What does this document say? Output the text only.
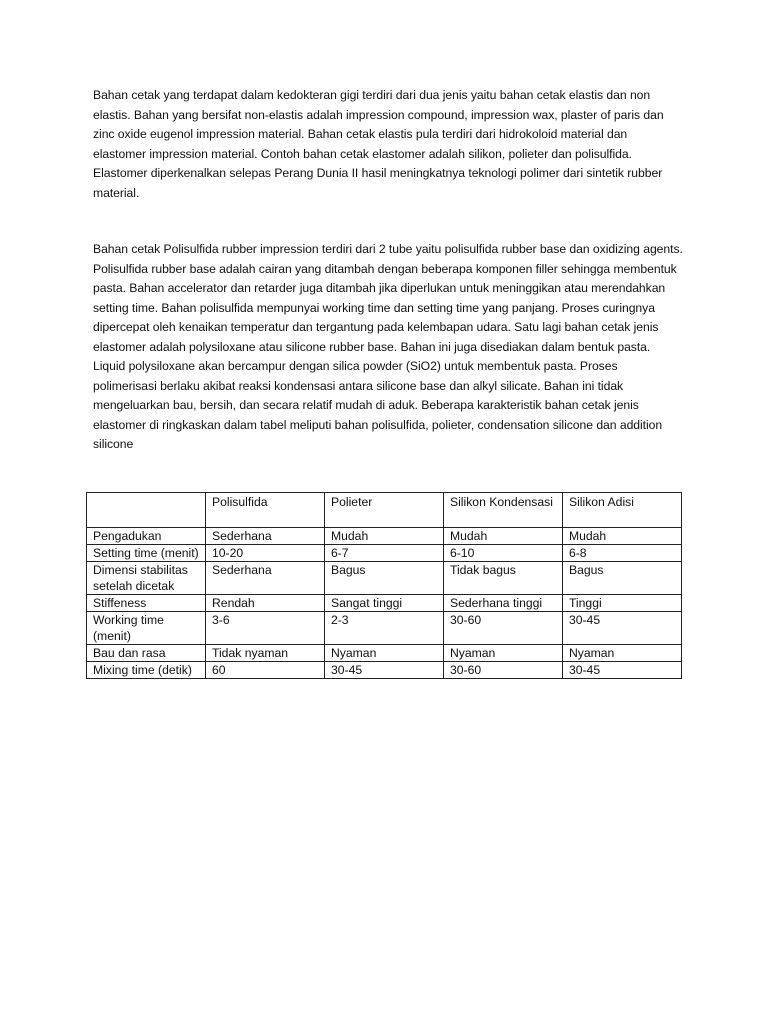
Bahan cetak yang terdapat dalam kedokteran gigi terdiri dari dua jenis yaitu bahan cetak elastis dan non elastis. Bahan yang bersifat non-elastis adalah impression compound, impression wax, plaster of paris dan zinc oxide eugenol impression material. Bahan cetak elastis pula terdiri dari hidrokoloid material dan elastomer impression material. Contoh bahan cetak elastomer adalah silikon, polieter dan polisulfida. Elastomer diperkenalkan selepas Perang Dunia II hasil meningkatnya teknologi polimer dari sintetik rubber material.

Bahan cetak Polisulfida rubber impression terdiri dari 2 tube yaitu polisulfida rubber base dan oxidizing agents. Polisulfida rubber base adalah cairan yang ditambah dengan beberapa komponen filler sehingga membentuk pasta. Bahan accelerator dan retarder juga ditambah jika diperlukan untuk meninggikan atau merendahkan setting time. Bahan polisulfida mempunyai working time dan setting time yang panjang. Proses curingnya dipercepat oleh kenaikan temperatur dan tergantung pada kelembapan udara. Satu lagi bahan cetak jenis elastomer adalah polysiloxane atau silicone rubber base. Bahan ini juga disediakan dalam bentuk pasta. Liquid polysiloxane akan bercampur dengan silica powder (SiO2) untuk membentuk pasta. Proses polimerisasi berlaku akibat reaksi kondensasi antara silicone base dan alkyl silicate. Bahan ini tidak mengeluarkan bau, bersih, dan secara relatif mudah di aduk. Beberapa karakteristik bahan cetak jenis elastomer di ringkaskan dalam tabel meliputi bahan polisulfida, polieter, condensation silicone dan addition silicone

	Polisulfida	Polieter	Silikon Kondensasi	Silikon Adisi
Pengadukan	Sederhana	Mudah	Mudah	Mudah
Setting time (menit)	10-20	6-7	6-10	6-8
Dimensi stabilitas setelah dicetak	Sederhana	Bagus	Tidak bagus	Bagus
Stiffeness	Rendah	Sangat tinggi	Sederhana tinggi	Tinggi
Working time (menit)	3-6	2-3	30-60	30-45
Bau dan rasa	Tidak nyaman	Nyaman	Nyaman	Nyaman
Mixing time (detik)	60	30-45	30-60	30-45
